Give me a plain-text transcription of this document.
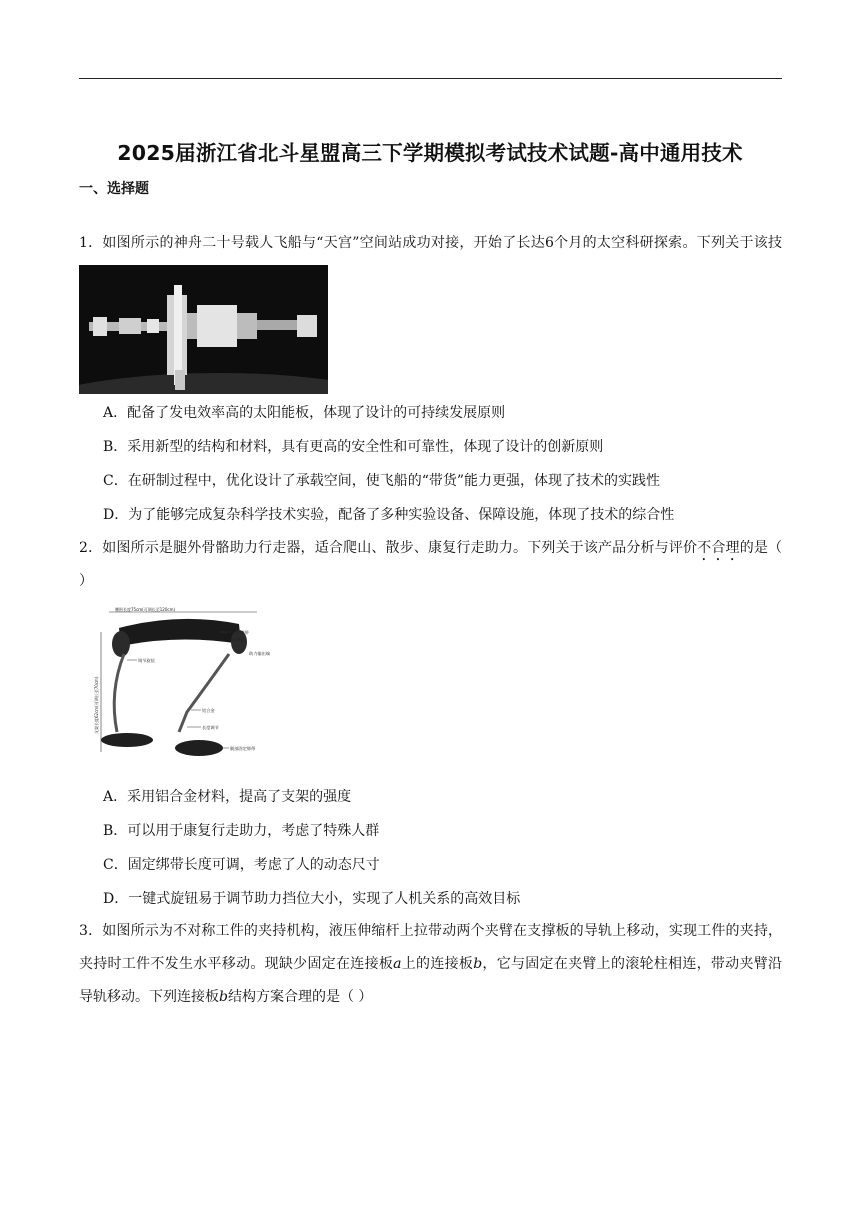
2025届浙江省北斗星盟高三下学期模拟考试技术试题-高中通用技术
一、选择题
1．如图所示的神舟二十号载人飞船与“天宫”空间站成功对接，开始了长达6个月的太空科研探索。下列关于该技
A．配备了发电效率高的太阳能板，体现了设计的可持续发展原则
B．采用新型的结构和材料，具有更高的安全性和可靠性，体现了设计的创新原则
C．在研制过程中，优化设计了承载空间，使飞船的“带货”能力更强，体现了技术的实践性
D．为了能够完成复杂科学技术实验，配备了多种实验设备、保障设施，体现了技术的综合性
2．如图所示是腿外骨骼助力行走器，适合爬山、散步、康复行走助力。下列关于该产品分析与评价不合理的是（ ）
腰围长度75cm(可调长至120cm)
支架长度62cm(可调长至70cm)
固定绑带
连接板
调节旋钮
助力输出端
铝合金
长度调节
腿部固定绑带
A．采用铝合金材料，提高了支架的强度
B．可以用于康复行走助力，考虑了特殊人群
C．固定绑带长度可调，考虑了人的动态尺寸
D．一键式旋钮易于调节助力挡位大小，实现了人机关系的高效目标
3．如图所示为不对称工件的夹持机构，液压伸缩杆上拉带动两个夹臂在支撑板的导轨上移动，实现工件的夹持，夹持时工件不发生水平移动。现缺少固定在连接板a上的连接板b，它与固定在夹臂上的滚轮柱相连，带动夹臂沿导轨移动。下列连接板b结构方案合理的是（ ）
